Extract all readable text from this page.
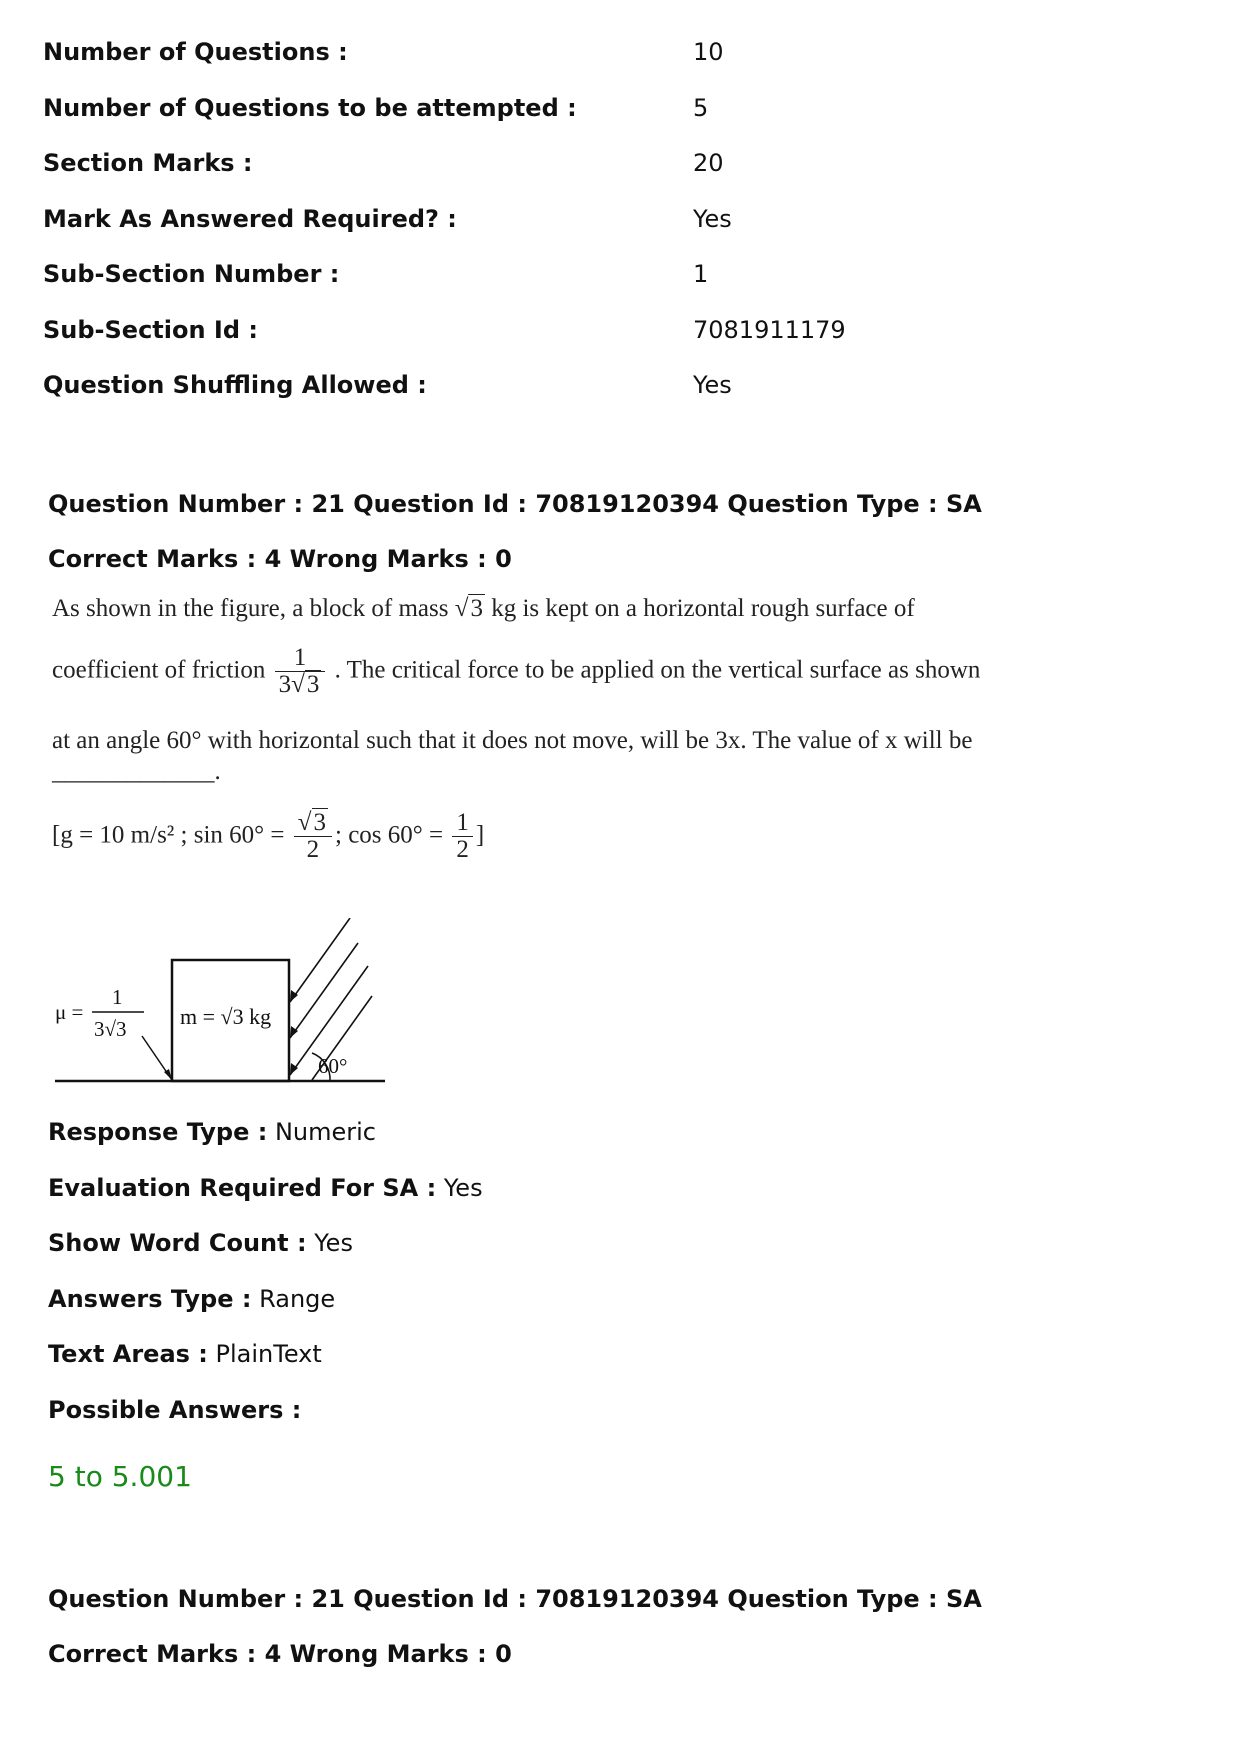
Number of Questions :	10
Number of Questions to be attempted :	5
Section Marks :	20
Mark As Answered Required? :	Yes
Sub-Section Number :	1
Sub-Section Id :	7081911179
Question Shuffling Allowed :	Yes
Question Number : 21 Question Id : 70819120394 Question Type : SA
Correct Marks : 4 Wrong Marks : 0
As shown in the figure, a block of mass √3 kg is kept on a horizontal rough surface of
coefficient of friction $\frac{1}{3√3}$ . The critical force to be applied on the vertical surface as shown
at an angle 60° with horizontal such that it does not move, will be 3x. The value of x will be
_____________.
[g = 10 m/s² ; $\sin 60^\circ = \frac{√3}{2}$ ; $\cos 60^\circ = \frac{1}{2}$ ]
60°
μ =
1
3√3 m = √3 kg
Response Type : Numeric
Evaluation Required For SA : Yes
Show Word Count : Yes
Answers Type : Range
Text Areas : PlainText
Possible Answers :
5 to 5.001
Question Number : 21 Question Id : 70819120394 Question Type : SA
Correct Marks : 4 Wrong Marks : 0
